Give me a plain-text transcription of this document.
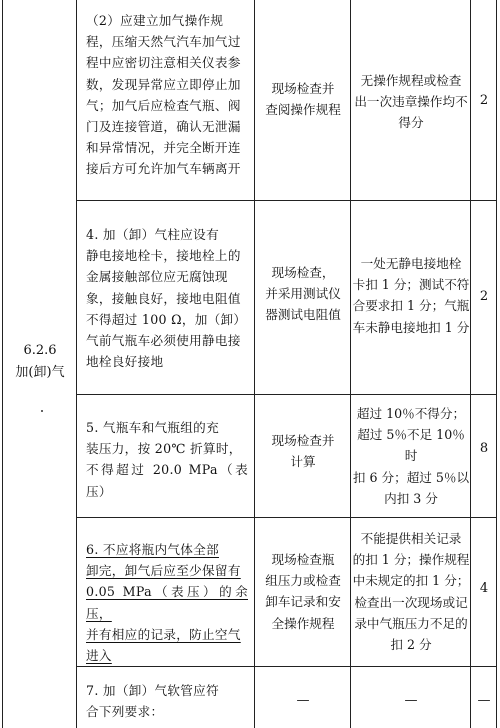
6.2.6
加(卸)气
（2）应建立加气操作规
程，压缩天然气汽车加气过
程中应密切注意相关仪表参
数，发现异常应立即停止加
气；加气后应检查气瓶、阀
门及连接管道，确认无泄漏
和异常情况，并完全断开连
接后方可允许加气车辆离开
现场检查并
查阅操作规程
无操作规程或检查
出一次违章操作均不
得分
2
4. 加（卸）气柱应设有
静电接地栓卡，接地栓上的
金属接触部位应无腐蚀现
象，接触良好，接地电阻值
不得超过 100 Ω，加（卸）
气前气瓶车必须使用静电接
地栓良好接地
现场检查，
并采用测试仪
器测试电阻值
一处无静电接地栓
卡扣 1 分；测试不符
合要求扣 1 分；气瓶
车未静电接地扣 1 分
2
5. 气瓶车和气瓶组的充
装压力，按 20℃ 折算时，
不得超过 20.0 MPa（表压）
现场检查并
计算
超过 10％不得分；
超过 5％不足 10％时
扣 6 分；超过 5％以
内扣 3 分
8
6. 不应将瓶内气体全部
卸完，卸气后应至少保留有
0.05 MPa（表压）的余压，
并有相应的记录，防止空气
进入
现场检查瓶
组压力或检查
卸车记录和安
全操作规程
不能提供相关记录
的扣 1 分；操作规程
中未规定的扣 1 分；
检查出一次现场或记
录中气瓶压力不足的
扣 2 分
4
7. 加（卸）气软管应符
合下列要求：
—	—	—
